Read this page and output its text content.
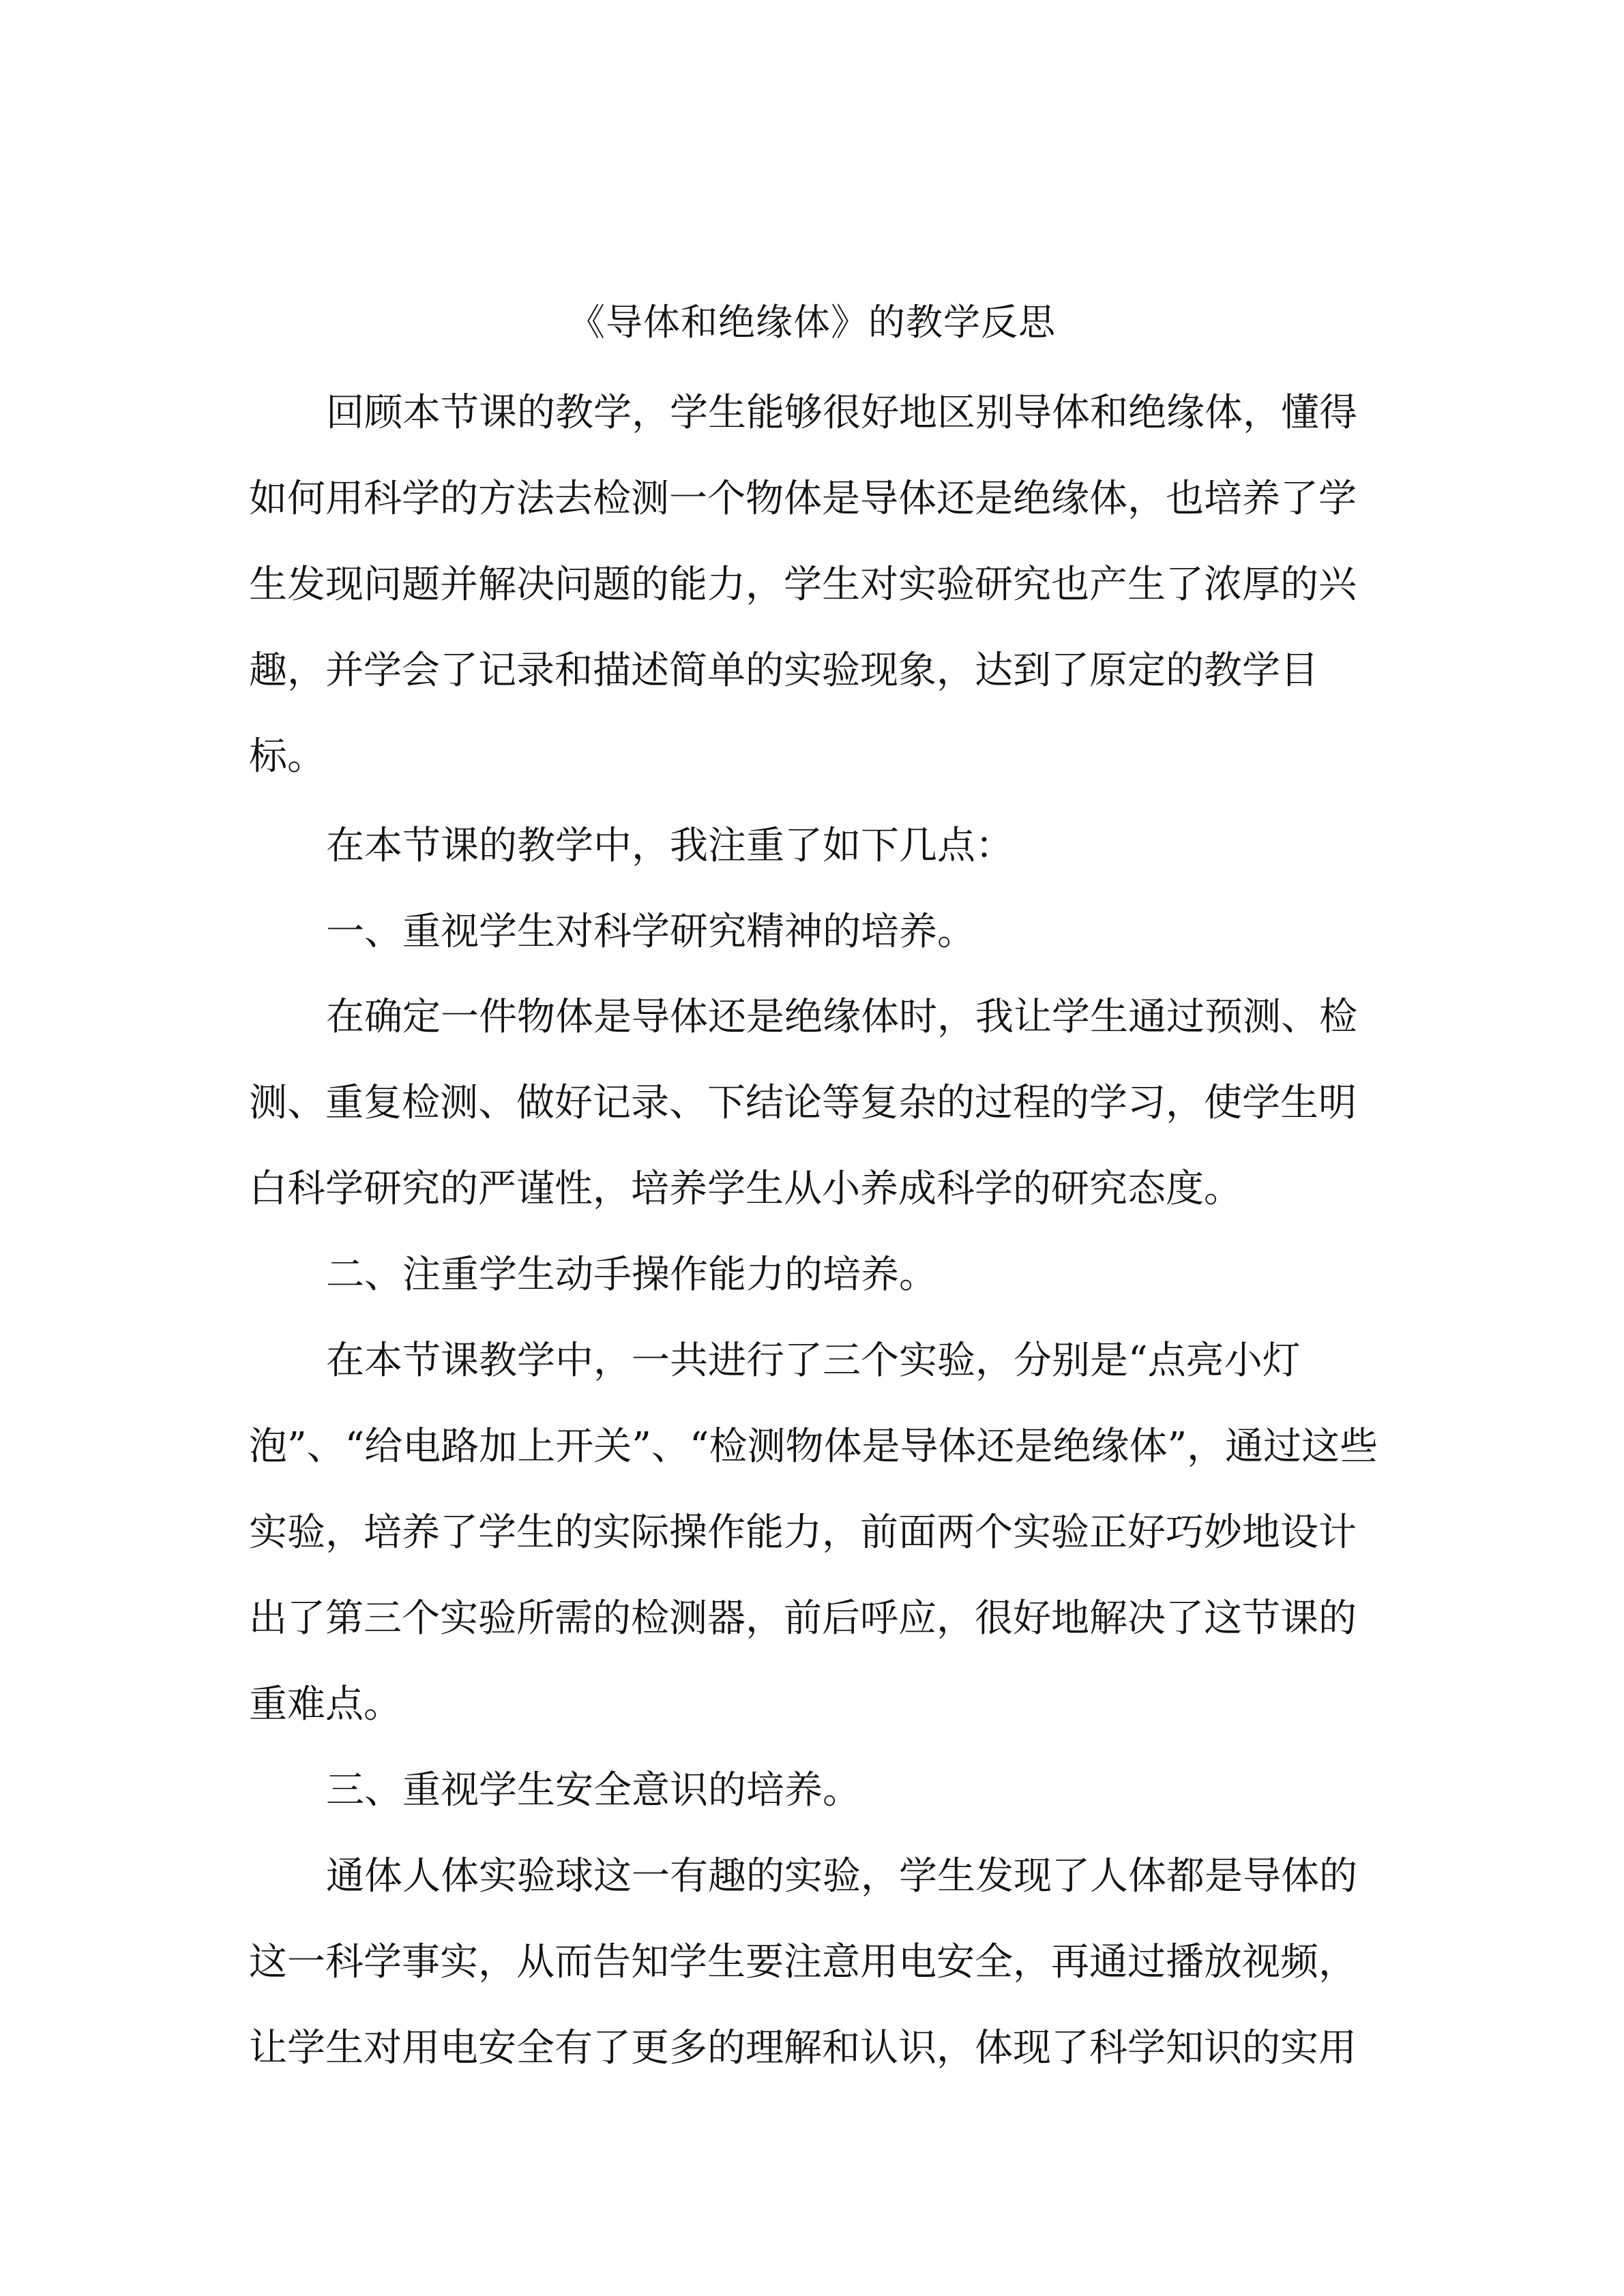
《导体和绝缘体》的教学反思
回顾本节课的教学，学生能够很好地区别导体和绝缘体，懂得
如何用科学的方法去检测一个物体是导体还是绝缘体，也培养了学
生发现问题并解决问题的能力，学生对实验研究也产生了浓厚的兴
趣，并学会了记录和描述简单的实验现象，达到了原定的教学目
标。
在本节课的教学中，我注重了如下几点：
一、重视学生对科学研究精神的培养。
在确定一件物体是导体还是绝缘体时，我让学生通过预测、检
测、重复检测、做好记录、下结论等复杂的过程的学习，使学生明
白科学研究的严谨性，培养学生从小养成科学的研究态度。
二、注重学生动手操作能力的培养。
在本节课教学中，一共进行了三个实验，分别是“点亮小灯
泡”、“给电路加上开关”、“检测物体是导体还是绝缘体”，通过这些
实验，培养了学生的实际操作能力，前面两个实验正好巧妙地设计
出了第三个实验所需的检测器，前后呼应，很好地解决了这节课的
重难点。
三、重视学生安全意识的培养。
通体人体实验球这一有趣的实验，学生发现了人体都是导体的
这一科学事实，从而告知学生要注意用电安全，再通过播放视频，
让学生对用电安全有了更多的理解和认识，体现了科学知识的实用
